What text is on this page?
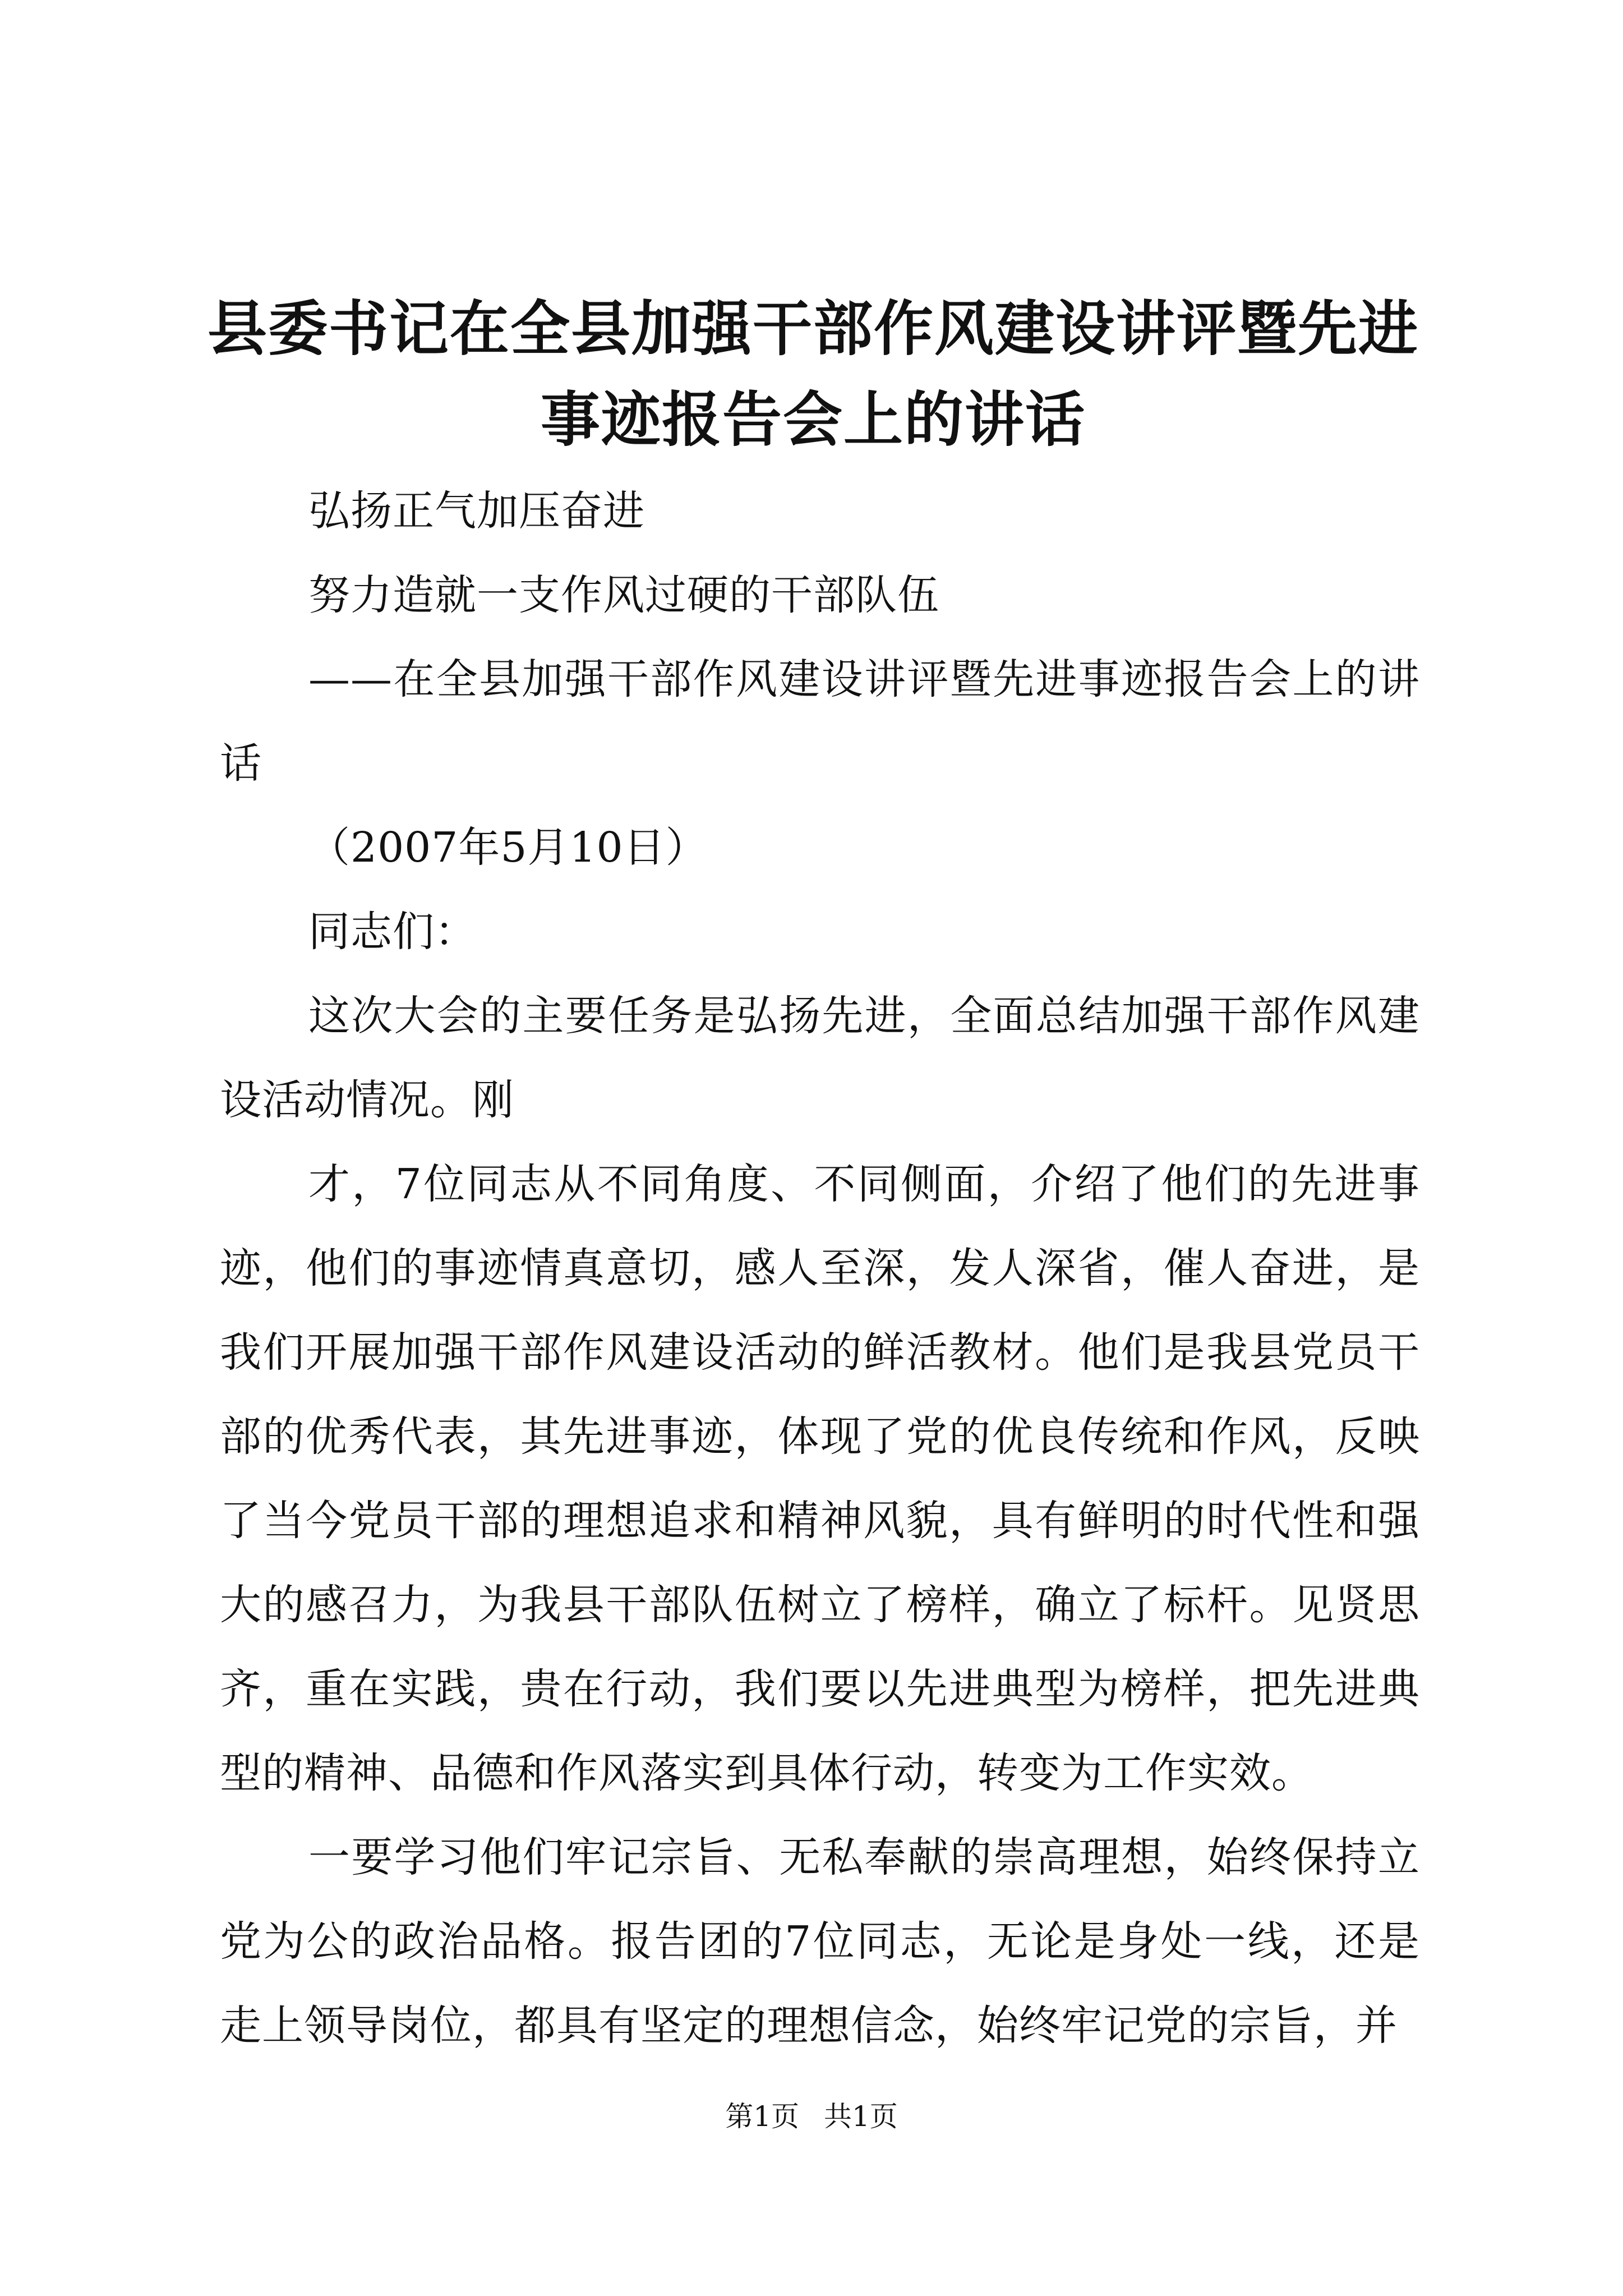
县委书记在全县加强干部作风建设讲评暨先进
事迹报告会上的讲话

弘扬正气加压奋进

努力造就一支作风过硬的干部队伍

——在全县加强干部作风建设讲评暨先进事迹报告会上的讲话

（2007年5月10日）

同志们：

这次大会的主要任务是弘扬先进，全面总结加强干部作风建设活动情况。刚

才，7位同志从不同角度、不同侧面，介绍了他们的先进事迹，他们的事迹情真意切，感人至深，发人深省，催人奋进，是我们开展加强干部作风建设活动的鲜活教材。他们是我县党员干部的优秀代表，其先进事迹，体现了党的优良传统和作风，反映了当今党员干部的理想追求和精神风貌，具有鲜明的时代性和强大的感召力，为我县干部队伍树立了榜样，确立了标杆。见贤思齐，重在实践，贵在行动，我们要以先进典型为榜样，把先进典型的精神、品德和作风落实到具体行动，转变为工作实效。

一要学习他们牢记宗旨、无私奉献的崇高理想，始终保持立党为公的政治品格。报告团的7位同志，无论是身处一线，还是走上领导岗位，都具有坚定的理想信念，始终牢记党的宗旨，并

第1页 共1页
